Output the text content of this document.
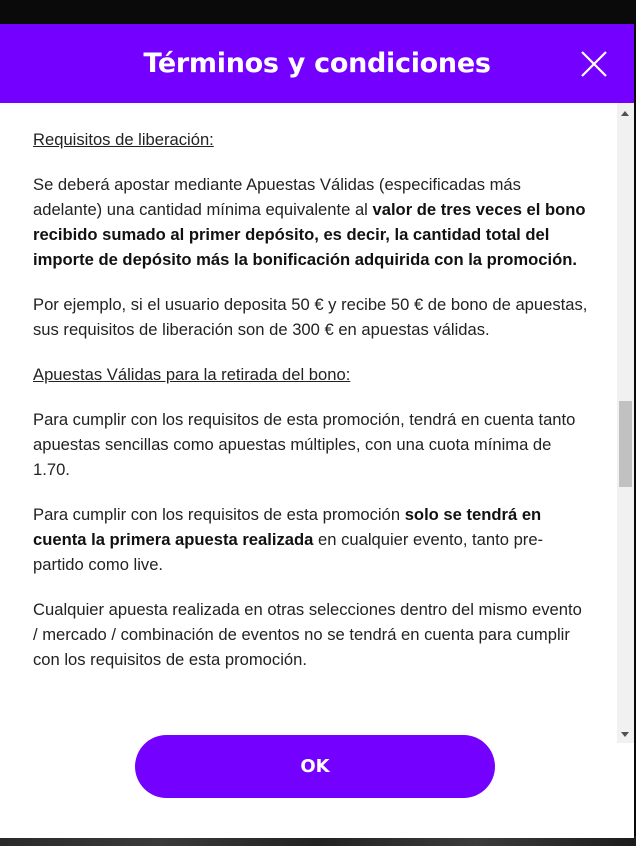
Términos y condiciones

Requisitos de liberación:

Se deberá apostar mediante Apuestas Válidas (especificadas más adelante) una cantidad mínima equivalente al valor de tres veces el bono recibido sumado al primer depósito, es decir, la cantidad total del importe de depósito más la bonificación adquirida con la promoción.

Por ejemplo, si el usuario deposita 50 € y recibe 50 € de bono de apuestas, sus requisitos de liberación son de 300 € en apuestas válidas.

Apuestas Válidas para la retirada del bono:

Para cumplir con los requisitos de esta promoción, tendrá en cuenta tanto apuestas sencillas como apuestas múltiples, con una cuota mínima de 1.70.

Para cumplir con los requisitos de esta promoción solo se tendrá en cuenta la primera apuesta realizada en cualquier evento, tanto pre-partido como live.

Cualquier apuesta realizada en otras selecciones dentro del mismo evento / mercado / combinación de eventos no se tendrá en cuenta para cumplir con los requisitos de esta promoción.

OK
